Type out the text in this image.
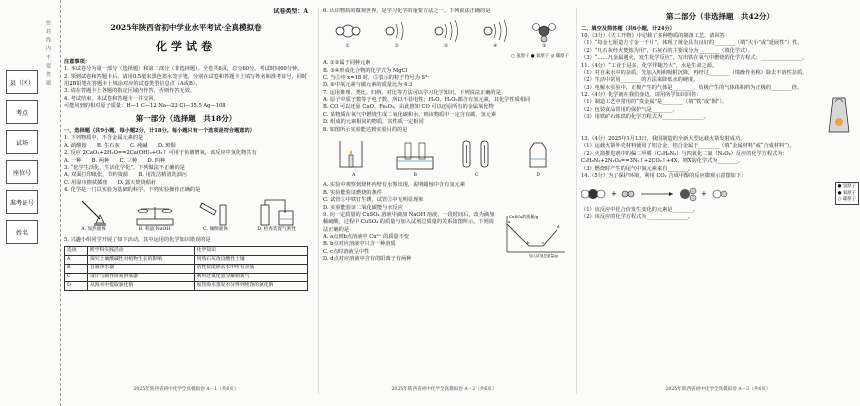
县（区）
考点
试场
座位号
准考证号
姓名
密 封 线 内 不 要 答 题
试卷类型：A
2025年陕西省初中学业水平考试·全真模拟卷
化学试卷
注意事项：
1. 本试卷分为第一部分（选择题）和第二部分（非选择题）。全卷共6页，总分60分。考试时间60分钟。
2. 领到试卷和答题卡后，请用0.5毫米黑色墨水签字笔，分别在试卷和答题卡上填写姓名和准考证号，同时用2B铅笔在答题卡上填涂对应的试卷类型信息点（A或B）。
3. 请在答题卡上各题的指定区域内作答，否则作答无效。
4. 考试结束，本试卷和答题卡一并交回。
可能用到的相对原子质量：H—1 C—12 Na—23 Cl—35.5 Ag—108
第一部分（选择题　共18分）
一、选择题（共9小题，每小题2分，计18分。每小题只有一个选项是符合题意的）
1. 下列物质中，不含金属元素的是
A. 硝酸铵　　B. 生石灰　　C. 纯碱　　D. 斑铜
2. 反应 2CaO₂+2H₂O==2Ca(OH)₂+O₂↑ 可用于鱼塘增氧，该反应中氢化物共有
A. 一种　　B. 两种　　C. 三种　　D. 四种
3. “化学生活化，生活化学化”。下列做法不正确的是
A. 双面打印纸张，节约资源　　B. 用洗洁精清洗油污
C. 用湿巾擦拭插座　　D. 露天焚烧秸秆
4. 化学是一门以实验为基础的科学。下列实验操作正确的是
A. 加热液体	B. 称量 NaOH	C. 倾倒液体	D. 检查装置气密性
5. 兴趣小组同学开展了如下活动，其中运用的化学知识错误的是
选项	跨学科实践活动	化学知识
A	探究土壤酸碱性对植物生长的影响	用熟石灰改良酸性土壤
B	自制净水器	活性炭能除去水中所有杂质
C	设计与制作简易供氧器	利用过氧化氢分解制氧气
D	从海水中提取氯化钠	加热海水蒸发水分得到纯净的氯化钠
2025年陕西省初中化学全真模拟卷 A－1（共6页）
6. 认识物质的微观世界，是学习化学的重要方法之一。下列说法正确的是
①	②	③	④	⑤
○ 氢原子 ● 氧原子 ◎ 碳原子
A. ①②属于同种元素
B. ③④形成化合物的化学式为 MgCl
C. 当⑤中 x=18 时，⑤表示的粒子符号为 S²⁻
D. ⑥中氧元素与碳元素的质量比为 4:3
7. 运用推理、类比、归纳、对比等方法可以学习化学知识。下列说法正确的是
A. 原子中质子数等于电子数，所以不显电性；H₂O、H₂O₂都含有氢元素，其化学性质相同
B. CO 可以还原 CuO、Fe₂O₃，由此推知 CO 可以还原所有的金属氧化物
C. 某物质在氧气中燃烧生成二氧化碳和水，则该物质中一定含有碳、氢元素
D. 组成的元素相同的物质，其性质一定相同
8. 如图所示实验能达到实验目的的是
A	B	C	D
A. 实验中观察到烧杯内壁有水雾出现，说明蜡烛中含有氢元素
B. 实验能验证燃烧的条件
C. 试管①中铁钉生锈，试管②中无明显现象
D. 实验能验证二氧化碳能与水反应
9. 向一定质量的 CuSO₄ 溶液中滴加 NaOH 溶液，一段时间后，改为滴加稀硫酸，过程中 CuSO₄ 的质量与加入试剂总质量的关系如图所示。下列说法正确的是
A. a点到b点溶液中 Cu²⁺ 的质量不变
B. b点对应溶液中只含一种溶质
C. c点时溶液呈中性
D. d点对应溶液中含有的阳离子有两种
CuSO₄的质量/g
加入试剂总质量/g
a
b	c
d
2025年陕西省初中化学全真模拟卷 A－2（共6页）
第二部分（非选择题　共42分）
二、填空及简答题（共6小题，计24分）
10.（3分）《天工开物》中记载了多种物质的制备工艺，请回答：
（1）“每金七厘造方寸金一千片”，体现了黄金具有良好的________（填“大小”或“延展性”）性。
（2）“凡石灰经火焚炼为用”，石灰石的主要成分为________（填化学式）。
（3）“……凡金属遇火，发生化学反应”，写出铁在氧气中燃烧的化学方程式：________________。
11.（4分）“工业于是多，化学伴随乃大”，水是生命之源。
（1）对自来水中的杂质，先加入明矾吸附沉降，再经过________（填操作名称）除去不溶性杂质。
（2）生活中常用________的方法来降低水的硬度。
（3）电解水实验中，正极产生的气体是________，负极产生的气体体积约为正极的________倍。
12.（4分）化学就在我们身边，请用所学知识回答：
（1）制造工艺中常用的“贵金属”是________（填“铁”或“铜”）。
（2）包装食品常用的保护气是________。
（3）用铁矿石炼铁的化学方程式为________________。
13.（4分）2025年1月13日，我国制造的全新大型运载火箭发射成功。
（1）运载火箭外壳材料使用了铝合金，铝合金属于________（填“金属材料”或“合成材料”）。
（2）火箭推进剂中的偏二甲肼（C₂H₈N₂）与四氧化二氮（N₂O₄）反应的化学方程式为：
C₂H₈N₂+2N₂O₄==3N₂↑+2CO₂↑+4X，则X的化学式为________。
（3）燃烧时产生的尾气中氮元素来自________。
14.（5分）为了保护环境，利用 CO₂ 合成甲醇的反应微观示意图如下：
+	+
● 氢原子
● 氧原子
○ 碳原子
（1）该反应中化合价发生变化的元素是________。
（2）该反应的化学方程式为________________。
2025年陕西省初中化学全真模拟卷 A－3（共6页）
